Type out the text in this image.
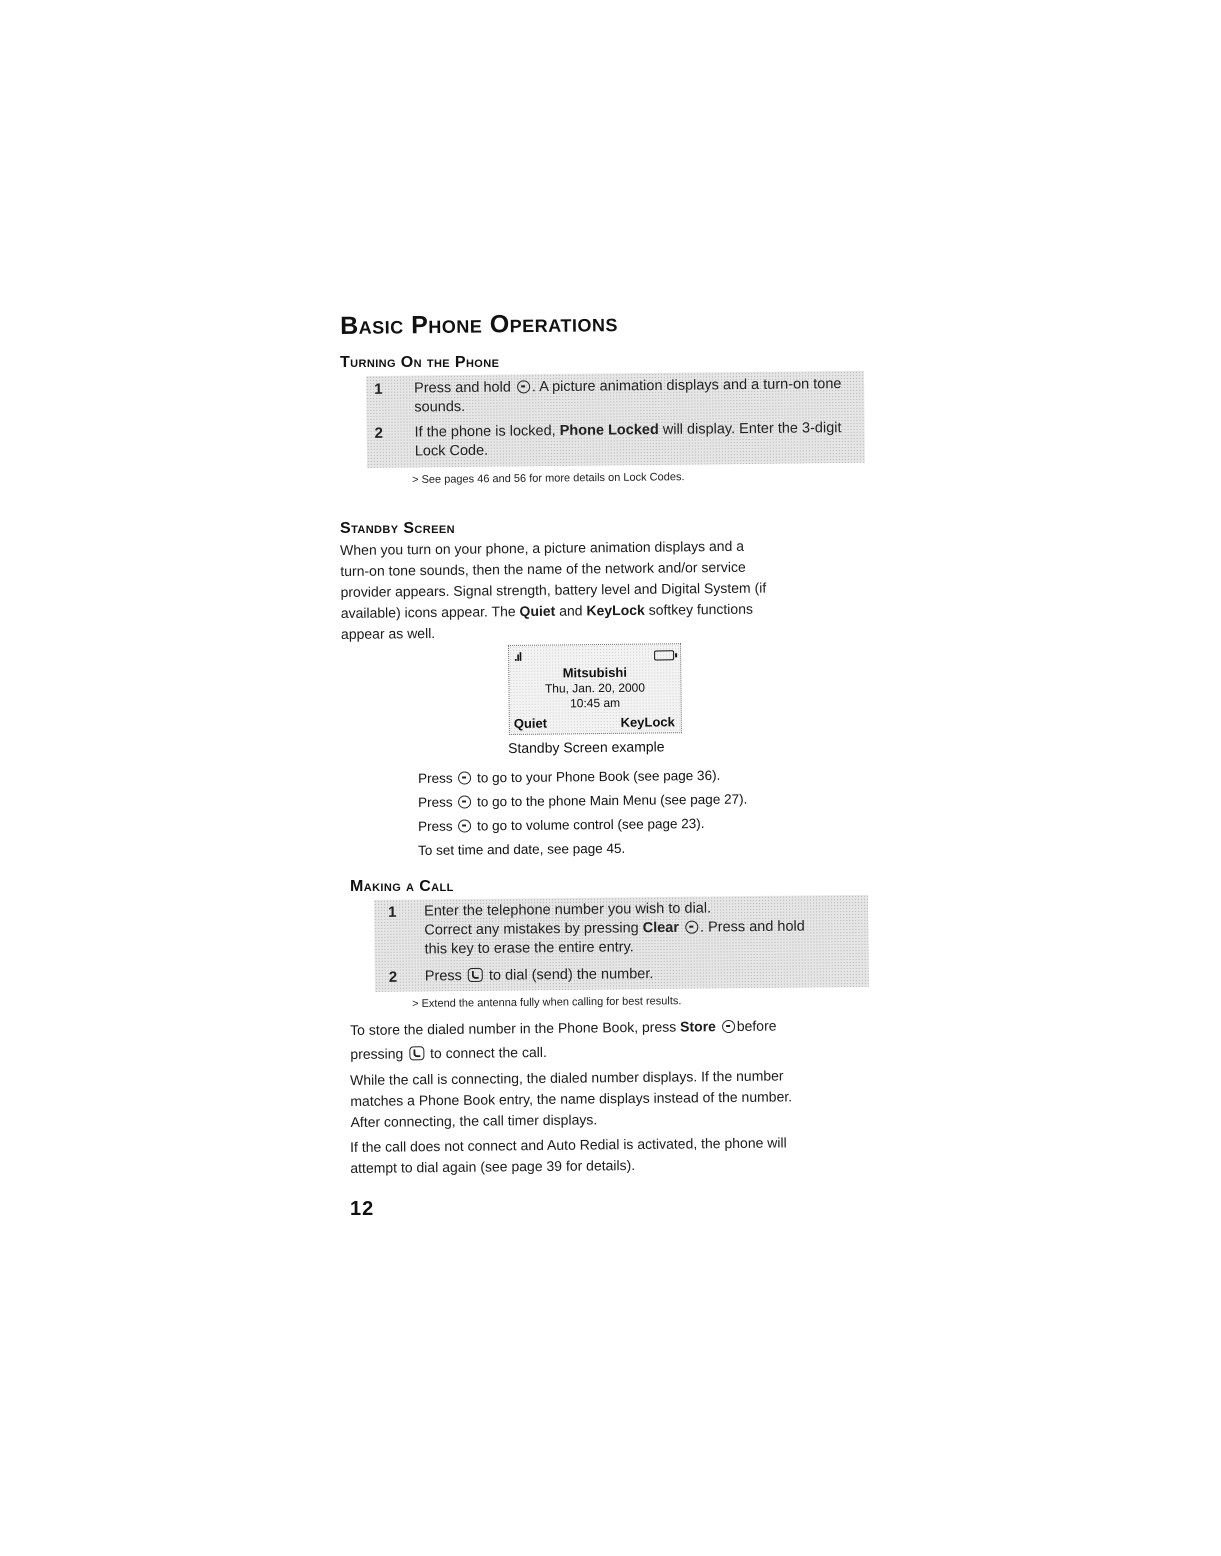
Basic Phone Operations
Turning On the Phone
1 Press and hold . A picture animation displays and a turn-on tone sounds.
2 If the phone is locked, Phone Locked will display. Enter the 3-digit Lock Code.
> See pages 46 and 56 for more details on Lock Codes.
Standby Screen
When you turn on your phone, a picture animation displays and a
turn-on tone sounds, then the name of the network and/or service
provider appears. Signal strength, battery level and Digital System (if
available) icons appear. The Quiet and KeyLock softkey functions
appear as well.
.ıl
Mitsubishi
Thu, Jan. 20, 2000
10:45 am
Quiet	KeyLock
Standby Screen example
Press to go to your Phone Book (see page 36).
Press to go to the phone Main Menu (see page 27).
Press to go to volume control (see page 23).
To set time and date, see page 45.
Making a Call
1 Enter the telephone number you wish to dial.
Correct any mistakes by pressing Clear . Press and hold
this key to erase the entire entry.
2 Press to dial (send) the number.
> Extend the antenna fully when calling for best results.
To store the dialed number in the Phone Book, press Store before
pressing to connect the call.
While the call is connecting, the dialed number displays. If the number
matches a Phone Book entry, the name displays instead of the number.
After connecting, the call timer displays.
If the call does not connect and Auto Redial is activated, the phone will
attempt to dial again (see page 39 for details).
12
